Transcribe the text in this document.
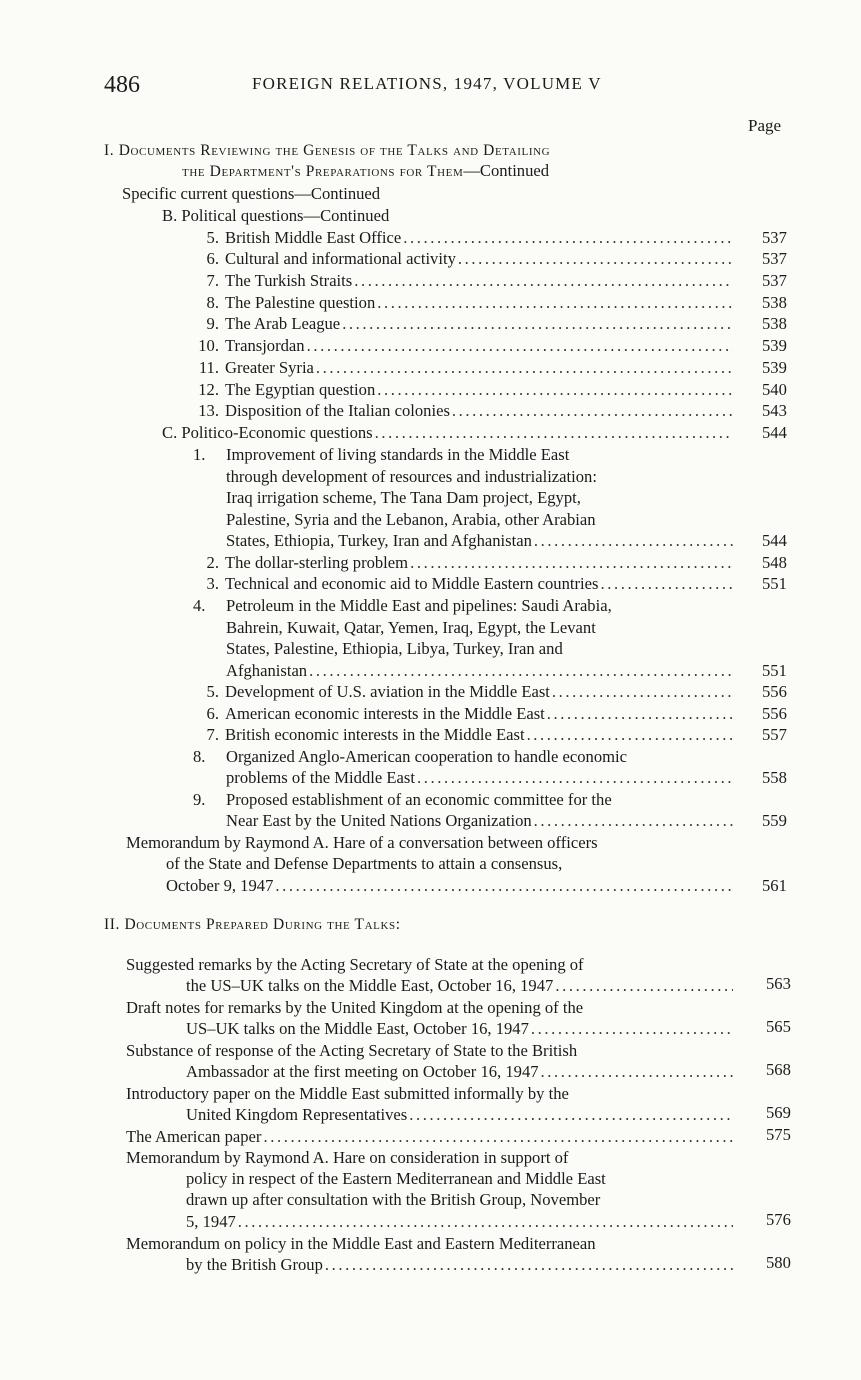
486	FOREIGN RELATIONS, 1947, VOLUME V
Page
I. Documents Reviewing the Genesis of the Talks and Detailing
the Department's Preparations for Them—Continued
Specific current questions—Continued
B. Political questions—Continued
5. British Middle East Office .....	537
6. Cultural and informational activity .....	537
7. The Turkish Straits .....	537
8. The Palestine question .....	538
9. The Arab League .....	538
10. Transjordan .....	539
11. Greater Syria .....	539
12. The Egyptian question .....	540
13. Disposition of the Italian colonies .....	543
C. Politico-Economic questions .....	544
1. Improvement of living standards in the Middle East
through development of resources and industrialization:
Iraq irrigation scheme, The Tana Dam project, Egypt,
Palestine, Syria and the Lebanon, Arabia, other Arabian
States, Ethiopia, Turkey, Iran and Afghanistan .....	544
2. The dollar-sterling problem .....	548
3. Technical and economic aid to Middle Eastern countries .....	551
4. Petroleum in the Middle East and pipelines: Saudi Arabia,
Bahrein, Kuwait, Qatar, Yemen, Iraq, Egypt, the Levant
States, Palestine, Ethiopia, Libya, Turkey, Iran and
Afghanistan .....	551
5. Development of U.S. aviation in the Middle East .....	556
6. American economic interests in the Middle East .....	556
7. British economic interests in the Middle East .....	557
8. Organized Anglo-American cooperation to handle economic
problems of the Middle East .....	558
9. Proposed establishment of an economic committee for the
Near East by the United Nations Organization .....	559
Memorandum by Raymond A. Hare of a conversation between officers
of the State and Defense Departments to attain a consensus,
October 9, 1947 .....	561
II. Documents Prepared During the Talks:
Suggested remarks by the Acting Secretary of State at the opening of
the US–UK talks on the Middle East, October 16, 1947 .....	563
Draft notes for remarks by the United Kingdom at the opening of the
US–UK talks on the Middle East, October 16, 1947 .....	565
Substance of response of the Acting Secretary of State to the British
Ambassador at the first meeting on October 16, 1947 .....	568
Introductory paper on the Middle East submitted informally by the
United Kingdom Representatives .....	569
The American paper .....	575
Memorandum by Raymond A. Hare on consideration in support of
policy in respect of the Eastern Mediterranean and Middle East
drawn up after consultation with the British Group, November
5, 1947 .....	576
Memorandum on policy in the Middle East and Eastern Mediterranean
by the British Group .....	580
